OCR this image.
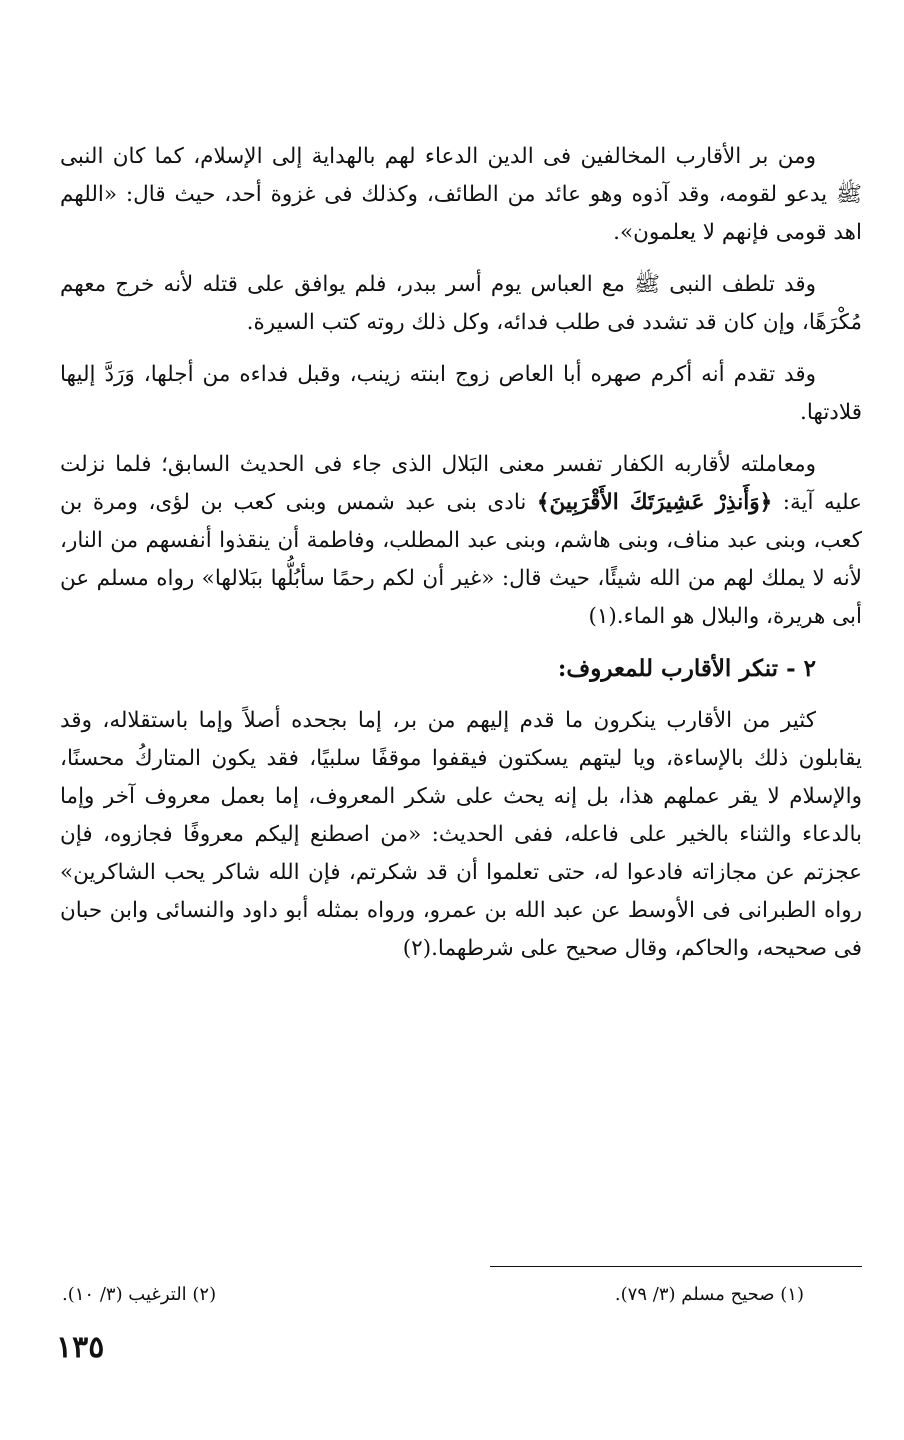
ومن بر الأقارب المخالفين فى الدين الدعاء لهم بالهداية إلى الإسلام، كما كان النبى ﷺ يدعو لقومه، وقد آذوه وهو عائد من الطائف، وكذلك فى غزوة أحد، حيث قال: «اللهم اهد قومى فإنهم لا يعلمون».

وقد تلطف النبى ﷺ مع العباس يوم أسر ببدر، فلم يوافق على قتله لأنه خرج معهم مُكْرَهًا، وإن كان قد تشدد فى طلب فدائه، وكل ذلك روته كتب السيرة.

وقد تقدم أنه أكرم صهره أبا العاص زوج ابنته زينب، وقبل فداءه من أجلها، وَرَدَّ إليها قلادتها.

ومعاملته لأقاربه الكفار تفسر معنى البَلال الذى جاء فى الحديث السابق؛ فلما نزلت عليه آية: ﴿وَأَنذِرْ عَشِيرَتَكَ الأَقْرَبِينَ﴾ نادى بنى عبد شمس وبنى كعب بن لؤى، ومرة بن كعب، وبنى عبد مناف، وبنى هاشم، وبنى عبد المطلب، وفاطمة أن ينقذوا أنفسهم من النار، لأنه لا يملك لهم من الله شيئًا، حيث قال: «غير أن لكم رحمًا سأبُلُّها ببَلالها» رواه مسلم عن أبى هريرة، والبلال هو الماء.(١)

٢ - تنكر الأقارب للمعروف:

كثير من الأقارب ينكرون ما قدم إليهم من بر، إما بجحده أصلاً وإما باستقلاله، وقد يقابلون ذلك بالإساءة، ويا ليتهم يسكتون فيقفوا موقفًا سلبيًا، فقد يكون المتاركُ محسنًا، والإسلام لا يقر عملهم هذا، بل إنه يحث على شكر المعروف، إما بعمل معروف آخر وإما بالدعاء والثناء بالخير على فاعله، ففى الحديث: «من اصطنع إليكم معروفًا فجازوه، فإن عجزتم عن مجازاته فادعوا له، حتى تعلموا أن قد شكرتم، فإن الله شاكر يحب الشاكرين» رواه الطبرانى فى الأوسط عن عبد الله بن عمرو، ورواه بمثله أبو داود والنسائى وابن حبان فى صحيحه، والحاكم، وقال صحيح على شرطهما.(٢)

(١) صحيح مسلم (٣/ ٧٩).
(٢) الترغيب (٣/ ١٠).
١٣٥
